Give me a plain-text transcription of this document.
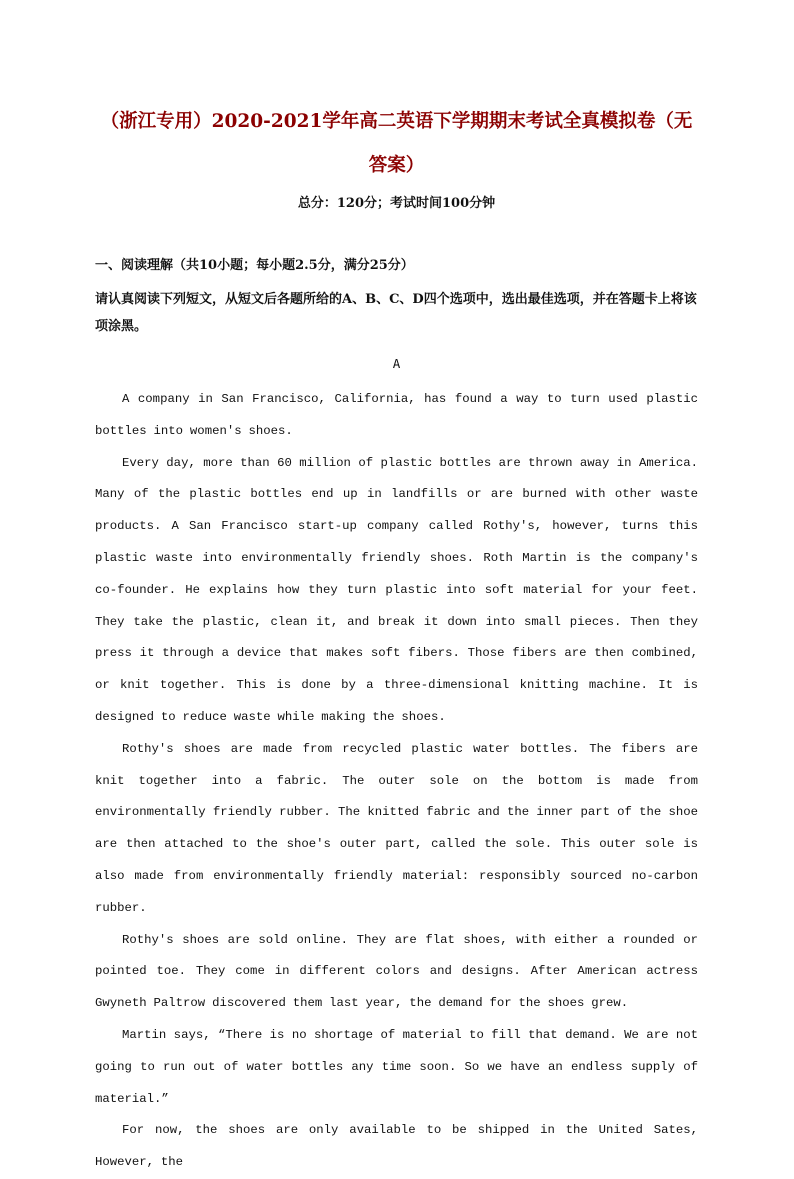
（浙江专用）2020-2021学年高二英语下学期期末考试全真模拟卷（无答案）
总分：120分；考试时间100分钟
一、阅读理解（共10小题；每小题2.5分，满分25分）
请认真阅读下列短文，从短文后各题所给的A、B、C、D四个选项中，选出最佳选项，并在答题卡上将该项涂黑。
A

A company in San Francisco, California, has found a way to turn used plastic bottles into women's shoes.

Every day, more than 60 million of plastic bottles are thrown away in America. Many of the plastic bottles end up in landfills or are burned with other waste products. A San Francisco start-up company called Rothy's, however, turns this plastic waste into environmentally friendly shoes. Roth Martin is the company's co-founder. He explains how they turn plastic into soft material for your feet. They take the plastic, clean it, and break it down into small pieces. Then they press it through a device that makes soft fibers. Those fibers are then combined, or knit together. This is done by a three-dimensional knitting machine. It is designed to reduce waste while making the shoes.

Rothy's shoes are made from recycled plastic water bottles. The fibers are knit together into a fabric. The outer sole on the bottom is made from environmentally friendly rubber. The knitted fabric and the inner part of the shoe are then attached to the shoe's outer part, called the sole. This outer sole is also made from environmentally friendly material: responsibly sourced no-carbon rubber.

Rothy's shoes are sold online. They are flat shoes, with either a rounded or pointed toe. They come in different colors and designs. After American actress Gwyneth Paltrow discovered them last year, the demand for the shoes grew.

Martin says, “There is no shortage of material to fill that demand. We are not going to run out of water bottles any time soon. So we have an endless supply of material.”

For now, the shoes are only available to be shipped in the United Sates, However, the
